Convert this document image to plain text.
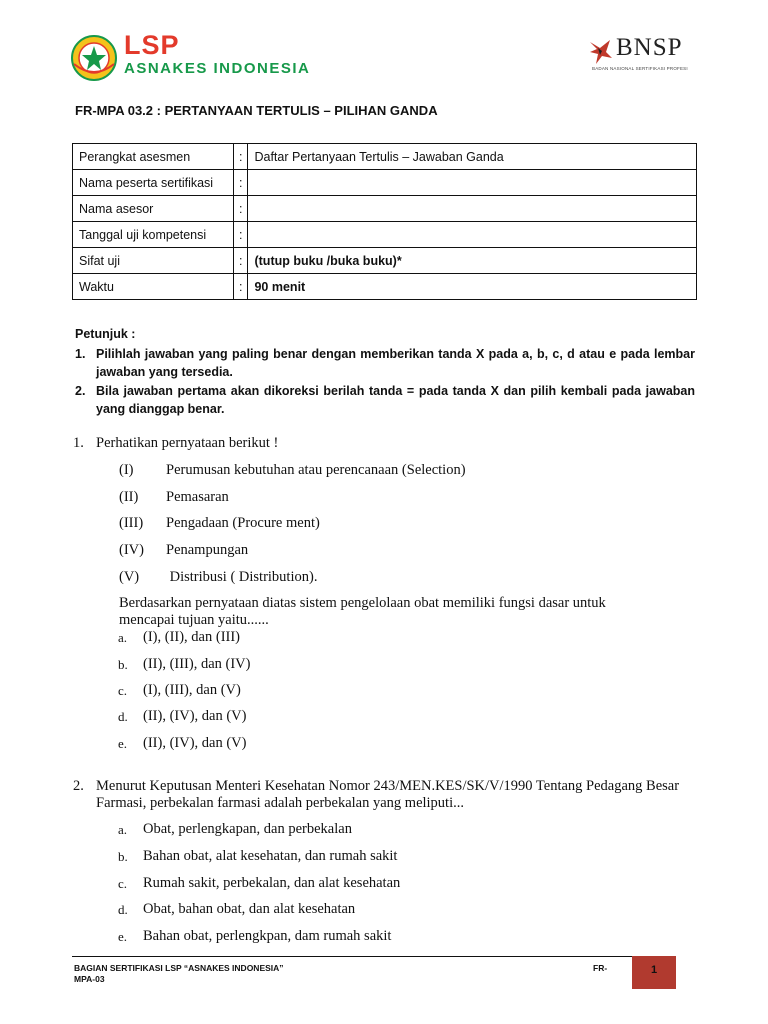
LSP
ASNAKES INDONESIA
BNSP
BADAN NASIONAL SERTIFIKASI PROFESI
FR-MPA 03.2 : PERTANYAAN TERTULIS – PILIHAN GANDA
Perangkat asesmen	:	Daftar Pertanyaan Tertulis – Jawaban Ganda
Nama peserta sertifikasi	:	
Nama asesor	:	
Tanggal uji kompetensi	:	
Sifat uji	:	(tutup buku /buka buku)*
Waktu	:	90 menit
Petunjuk :
1. Pilihlah jawaban yang paling benar dengan memberikan tanda X pada a, b, c, d atau e pada lembar jawaban yang tersedia.
2. Bila jawaban pertama akan dikoreksi berilah tanda = pada tanda X dan pilih kembali pada jawaban yang dianggap benar.
1. Perhatikan pernyataan berikut !
(I) Perumusan kebutuhan atau perencanaan (Selection)
(II) Pemasaran
(III) Pengadaan (Procure ment)
(IV) Penampungan
(V) Distribusi ( Distribution).
Berdasarkan pernyataan diatas sistem pengelolaan obat memiliki fungsi dasar untuk mencapai tujuan yaitu......
a. (I), (II), dan (III)
b. (II), (III), dan (IV)
c. (I), (III), dan (V)
d. (II), (IV), dan (V)
e. (II), (IV), dan (V)
2. Menurut Keputusan Menteri Kesehatan Nomor 243/MEN.KES/SK/V/1990 Tentang Pedagang Besar Farmasi, perbekalan farmasi adalah perbekalan yang meliputi...
a. Obat, perlengkapan, dan perbekalan
b. Bahan obat, alat kesehatan, dan rumah sakit
c. Rumah sakit, perbekalan, dan alat kesehatan
d. Obat, bahan obat, dan alat kesehatan
e. Bahan obat, perlengkpan, dam rumah sakit
BAGIAN SERTIFIKASI LSP “ASNAKES INDONESIA”
MPA-03
FR-	1
